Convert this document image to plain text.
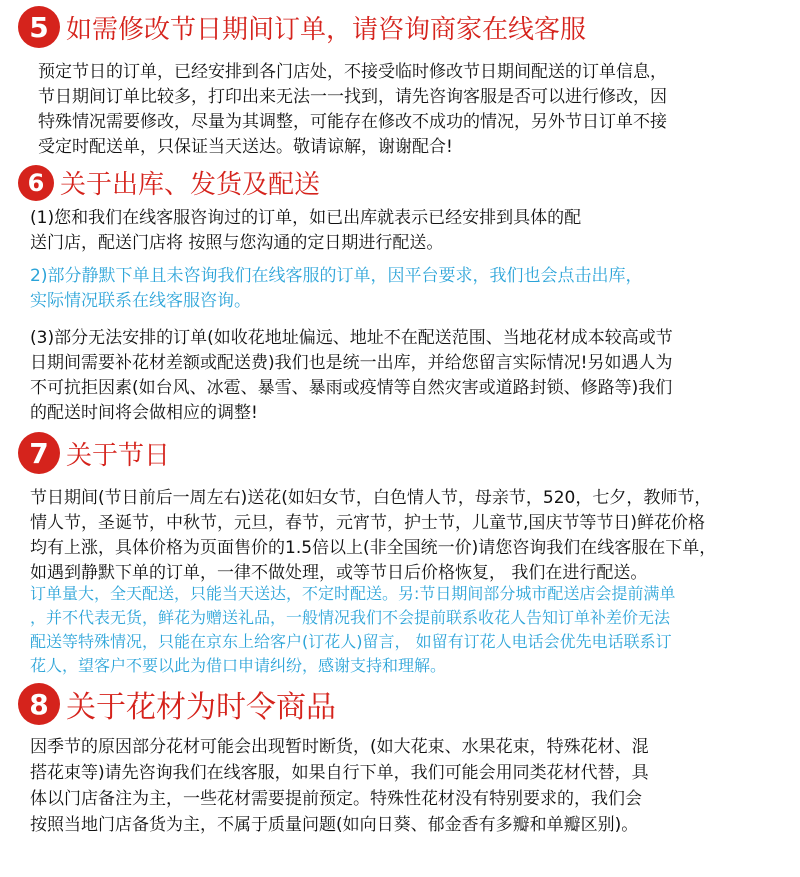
5 如需修改节日期间订单，请咨询商家在线客服

预定节日的订单，已经安排到各门店处，不接受临时修改节日期间配送的订单信息，
节日期间订单比较多，打印出来无法一一找到，请先咨询客服是否可以进行修改，因
特殊情况需要修改，尽量为其调整，可能存在修改不成功的情况，另外节日订单不接
受定时配送单，只保证当天送达。敬请谅解，谢谢配合!

6 关于出库、发货及配送

(1)您和我们在线客服咨询过的订单，如已出库就表示已经安排到具体的配
送门店，配送门店将 按照与您沟通的定日期进行配送。

2)部分静默下单且未咨询我们在线客服的订单，因平台要求，我们也会点击出库，
实际情况联系在线客服咨询。

(3)部分无法安排的订单(如收花地址偏远、地址不在配送范围、当地花材成本较高或节
日期间需要补花材差额或配送费)我们也是统一出库，并给您留言实际情况!另如遇人为
不可抗拒因素(如台风、冰雹、暴雪、暴雨或疫情等自然灾害或道路封锁、修路等)我们
的配送时间将会做相应的调整!

7 关于节日

节日期间(节日前后一周左右)送花(如妇女节，白色情人节，母亲节，520，七夕，教师节，
情人节，圣诞节，中秋节，元旦，春节，元宵节，护士节，儿童节,国庆节等节日)鲜花价格
均有上涨，具体价格为页面售价的1.5倍以上(非全国统一价)请您咨询我们在线客服在下单，
如遇到静默下单的订单，一律不做处理，或等节日后价格恢复， 我们在进行配送。

订单量大，全天配送，只能当天送达，不定时配送。另:节日期间部分城市配送店会提前满单
，并不代表无货，鲜花为赠送礼品，一般情况我们不会提前联系收花人告知订单补差价无法
配送等特殊情况，只能在京东上给客户(订花人)留言， 如留有订花人电话会优先电话联系订
花人，望客户不要以此为借口申请纠纷，感谢支持和理解。

8 关于花材为时令商品

因季节的原因部分花材可能会出现暂时断货，(如大花束、水果花束，特殊花材、混
搭花束等)请先咨询我们在线客服，如果自行下单，我们可能会用同类花材代替，具
体以门店备注为主，一些花材需要提前预定。特殊性花材没有特别要求的，我们会
按照当地门店备货为主，不属于质量问题(如向日葵、郁金香有多瓣和单瓣区别)。
